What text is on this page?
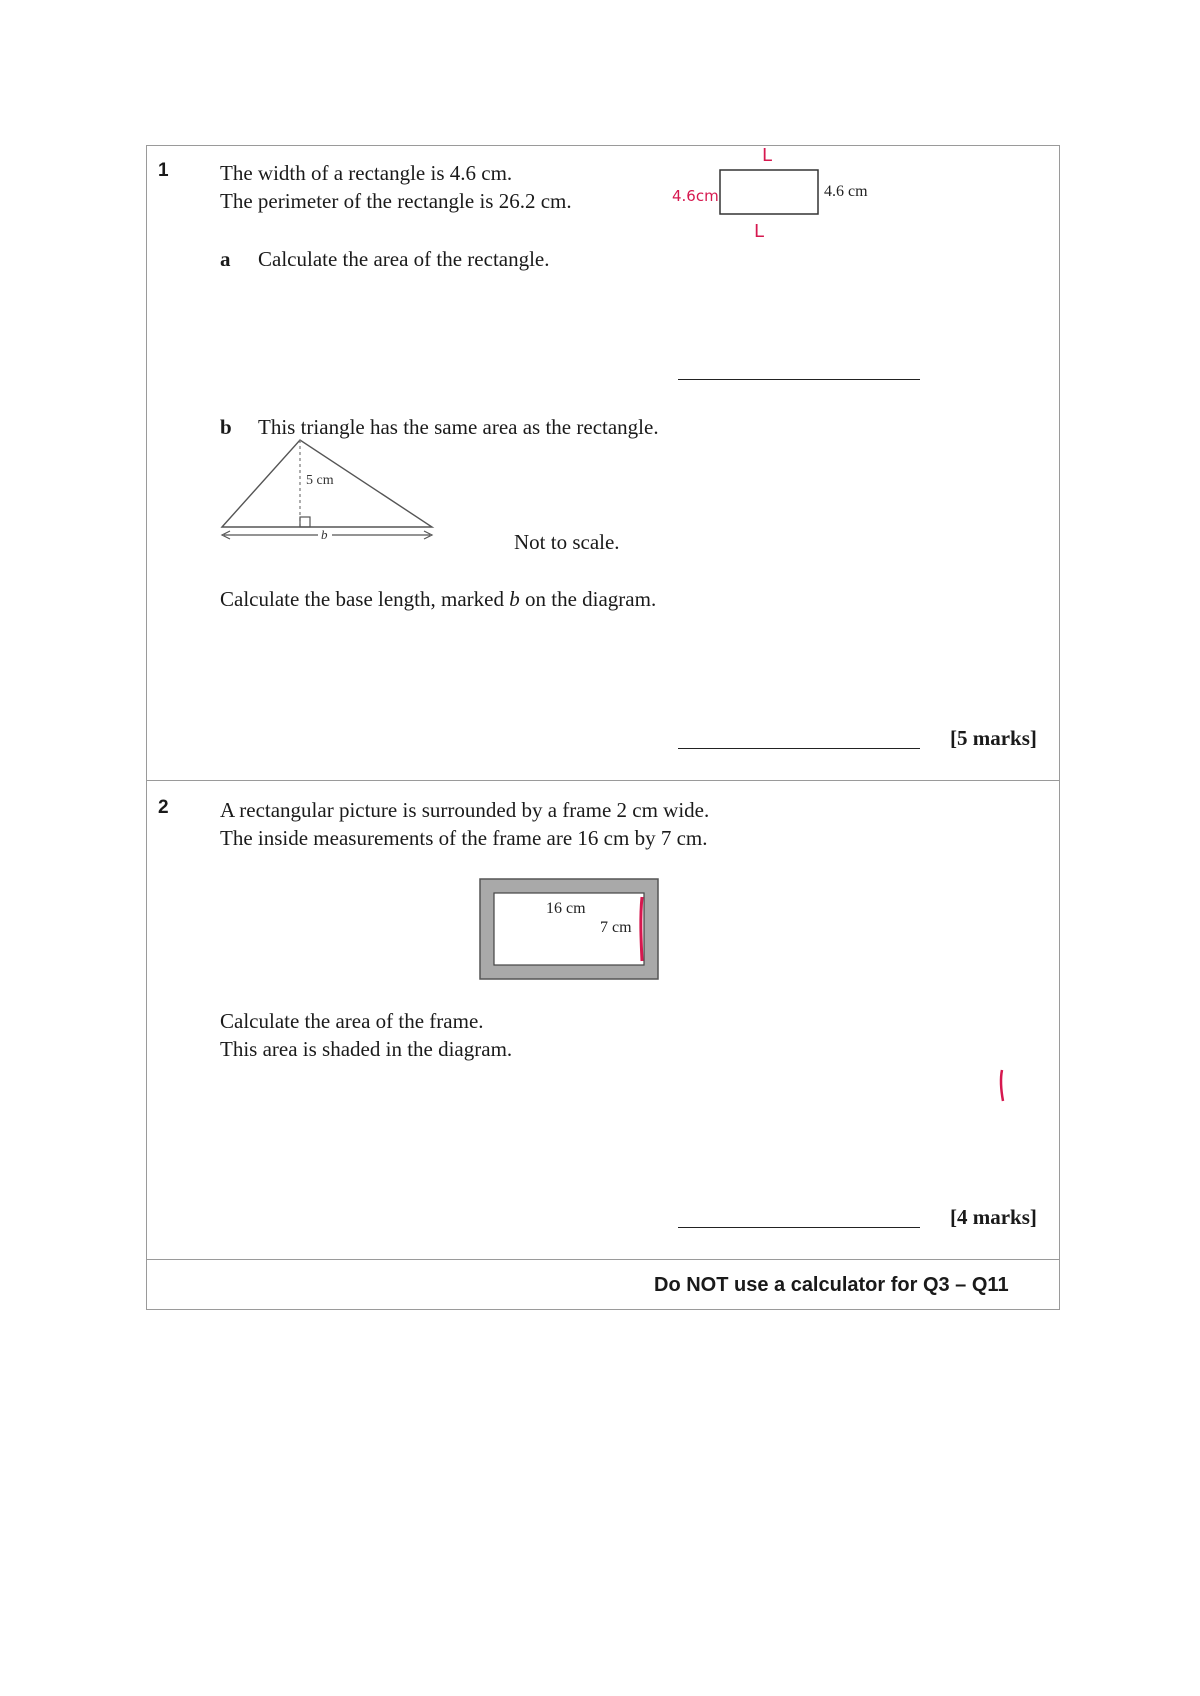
1 The width of a rectangle is 4.6 cm.
The perimeter of the rectangle is 26.2 cm.	4.6 cm
L
L
4.6cm
a Calculate the area of the rectangle.
b This triangle has the same area as the rectangle.
5 cm
b	Not to scale.
Calculate the base length, marked b on the diagram.
[5 marks]
2 A rectangular picture is surrounded by a frame 2 cm wide.
The inside measurements of the frame are 16 cm by 7 cm.
16 cm
7 cm
Calculate the area of the frame.
This area is shaded in the diagram.
[4 marks]
Do NOT use a calculator for Q3 – Q11
